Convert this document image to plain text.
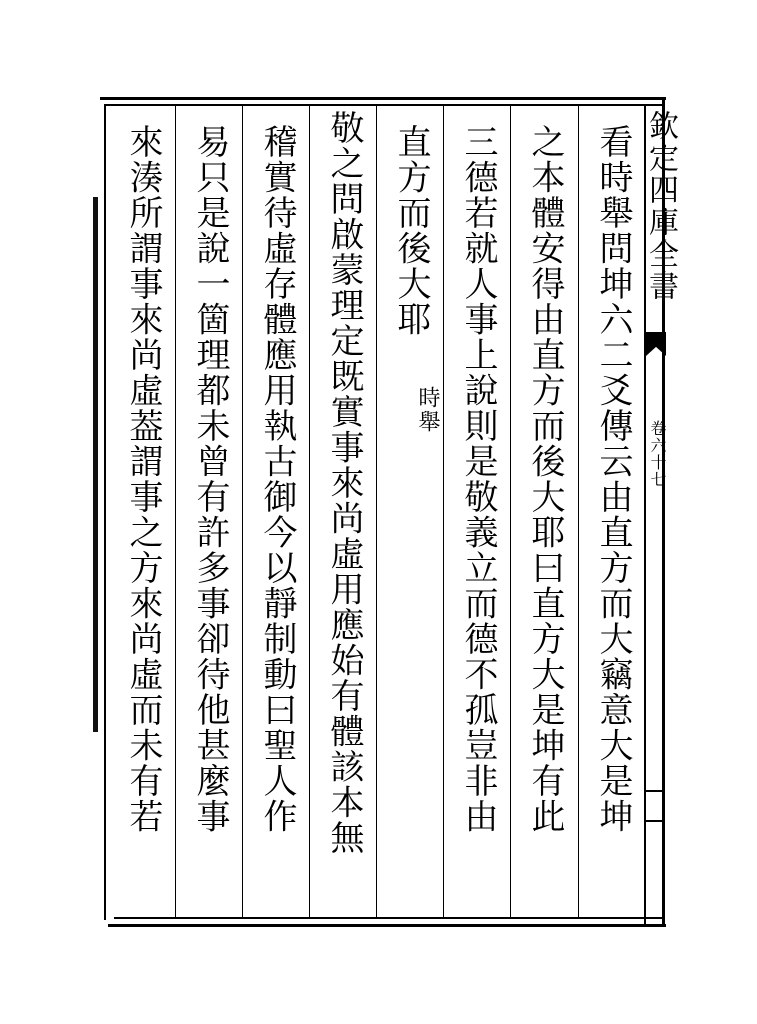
欽定四庫全書
卷六十七
看時舉問坤六二爻傳云由直方而大竊意大是坤
之本體安得由直方而後大耶曰直方大是坤有此
三德若就人事上說則是敬義立而德不孤豈非由
直方而後大耶
時舉
敬之問啟蒙理定既實事來尚虛用應始有體該本無
稽實待虛存體應用執古御今以靜制動曰聖人作
易只是說一箇理都未曾有許多事卻待他甚麼事
來湊所謂事來尚虛葢謂事之方來尚虛而未有若
